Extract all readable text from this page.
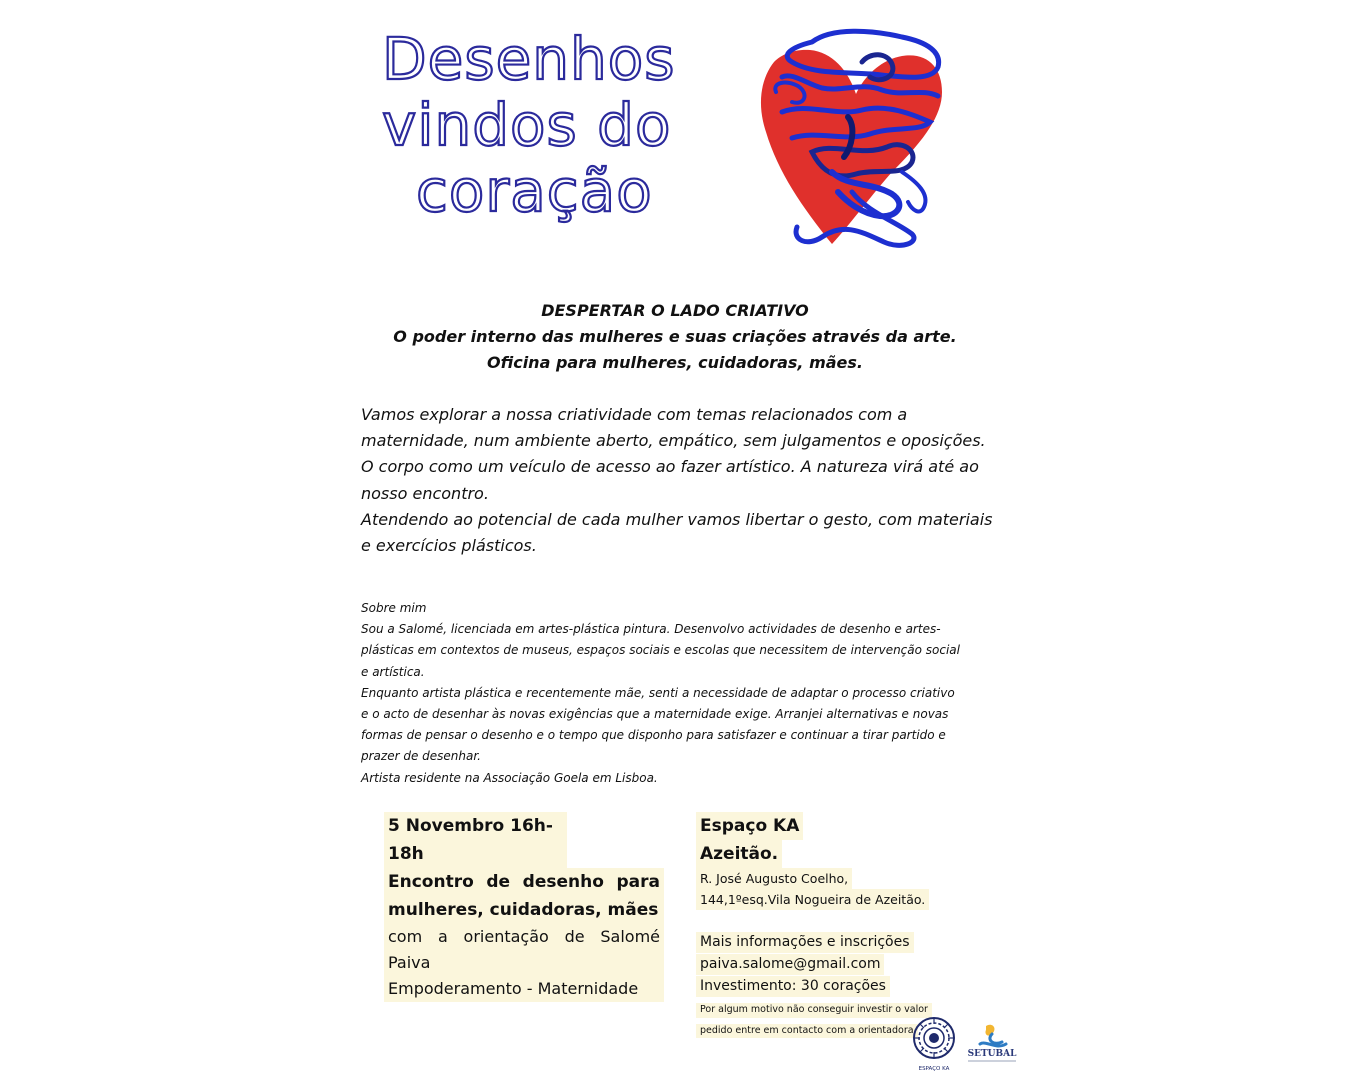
Desenhos
vindos do
coração
DESPERTAR O LADO CRIATIVO
O poder interno das mulheres e suas criações através da arte.
Oficina para mulheres, cuidadoras, mães.
Vamos explorar a nossa criatividade com temas relacionados com a
maternidade, num ambiente aberto, empático, sem julgamentos e oposições.
O corpo como um veículo de acesso ao fazer artístico. A natureza virá até ao
nosso encontro.
Atendendo ao potencial de cada mulher vamos libertar o gesto, com materiais
e exercícios plásticos.
Sobre mim
Sou a Salomé, licenciada em artes-plástica pintura. Desenvolvo actividades de desenho e artes-
plásticas em contextos de museus, espaços sociais e escolas que necessitem de intervenção social
e artística.
Enquanto artista plástica e recentemente mãe, senti a necessidade de adaptar o processo criativo
e o acto de desenhar às novas exigências que a maternidade exige. Arranjei alternativas e novas
formas de pensar o desenho e o tempo que disponho para satisfazer e continuar a tirar partido e
prazer de desenhar.
Artista residente na Associação Goela em Lisboa.
5 Novembro 16h-18h
Encontro de desenho para
mulheres, cuidadoras, mães
com a orientação de Salomé
Paiva
Empoderamento - Maternidade
Espaço KA
Azeitão.
R. José Augusto Coelho,
144,1ºesq.Vila Nogueira de Azeitão.
Mais informações e inscrições
paiva.salome@gmail.com
Investimento: 30 corações
Por algum motivo não conseguir investir o valor
pedido entre em contacto com a orientadora
ESPAÇO KA
SETUBAL
